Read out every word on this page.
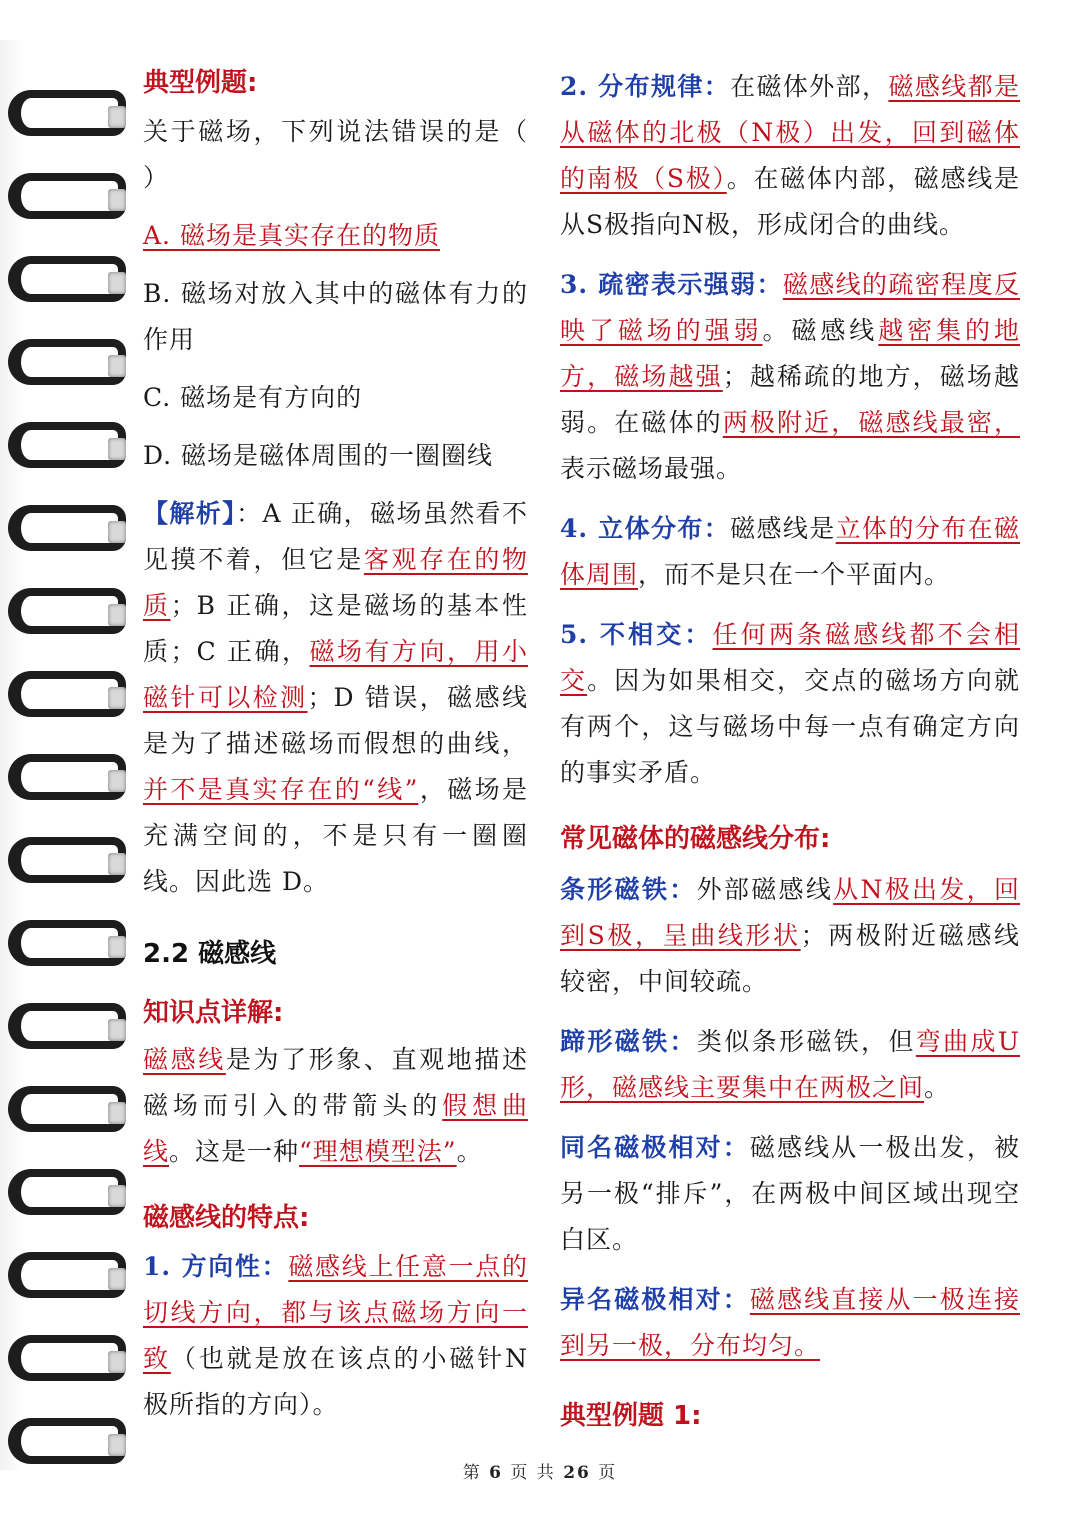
典型例题:

关于磁场，下列说法错误的是（ ）

A. 磁场是真实存在的物质

B. 磁场对放入其中的磁体有力的作用

C. 磁场是有方向的

D. 磁场是磁体周围的一圈圈线

【解析】：A 正确，磁场虽然看不见摸不着，但它是客观存在的物质；B 正确，这是磁场的基本性质；C 正确，磁场有方向，用小磁针可以检测；D 错误，磁感线是为了描述磁场而假想的曲线，并不是真实存在的“线”，磁场是充满空间的，不是只有一圈圈线。因此选 D。

2.2 磁感线
知识点详解:

磁感线是为了形象、直观地描述磁场而引入的带箭头的假想曲线。这是一种“理想模型法”。

磁感线的特点:

1. 方向性：磁感线上任意一点的切线方向，都与该点磁场方向一致（也就是放在该点的小磁针N极所指的方向）。

2. 分布规律：在磁体外部，磁感线都是从磁体的北极（N极）出发，回到磁体的南极（S极）。在磁体内部，磁感线是从S极指向N极，形成闭合的曲线。

3. 疏密表示强弱：磁感线的疏密程度反映了磁场的强弱。磁感线越密集的地方，磁场越强；越稀疏的地方，磁场越弱。在磁体的两极附近，磁感线最密，表示磁场最强。

4. 立体分布：磁感线是立体的分布在磁体周围，而不是只在一个平面内。

5. 不相交：任何两条磁感线都不会相交。因为如果相交，交点的磁场方向就有两个，这与磁场中每一点有确定方向的事实矛盾。

常见磁体的磁感线分布:

条形磁铁：外部磁感线从N极出发，回到S极，呈曲线形状；两极附近磁感线较密，中间较疏。

蹄形磁铁：类似条形磁铁，但弯曲成U形，磁感线主要集中在两极之间。

同名磁极相对：磁感线从一极出发，被另一极“排斥”，在两极中间区域出现空白区。

异名磁极相对：磁感线直接从一极连接到另一极，分布均匀。

典型例题 1:
第 6 页 共 26 页
